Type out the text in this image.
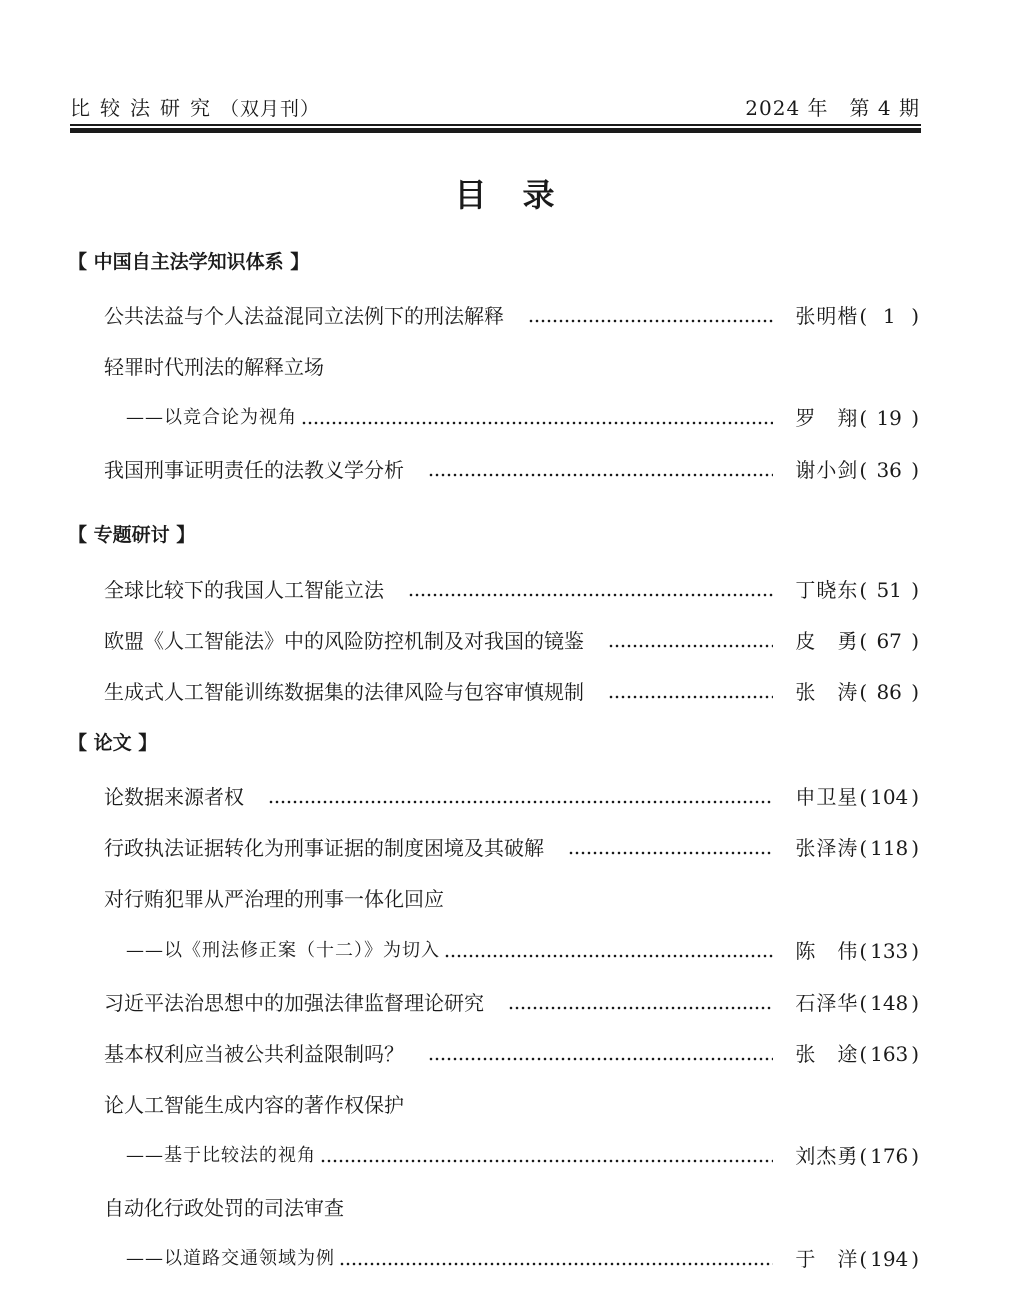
比较法研究（双月刊）	2024 年　第 4 期
目录
【 中国自主法学知识体系 】
公共法益与个人法益混同立法例下的刑法解释	张明楷 ( 1 )
轻罪时代刑法的解释立场
——以竞合论为视角	罗　翔 ( 19 )
我国刑事证明责任的法教义学分析	谢小剑 ( 36 )
【 专题研讨 】
全球比较下的我国人工智能立法	丁晓东 ( 51 )
欧盟《人工智能法》中的风险防控机制及对我国的镜鉴	皮　勇 ( 67 )
生成式人工智能训练数据集的法律风险与包容审慎规制	张　涛 ( 86 )
【 论文 】
论数据来源者权	申卫星 ( 104 )
行政执法证据转化为刑事证据的制度困境及其破解	张泽涛 ( 118 )
对行贿犯罪从严治理的刑事一体化回应
——以《刑法修正案（十二）》为切入	陈　伟 ( 133 )
习近平法治思想中的加强法律监督理论研究	石泽华 ( 148 )
基本权利应当被公共利益限制吗？	张　途 ( 163 )
论人工智能生成内容的著作权保护
——基于比较法的视角	刘杰勇 ( 176 )
自动化行政处罚的司法审查
——以道路交通领域为例	于　洋 ( 194 )
